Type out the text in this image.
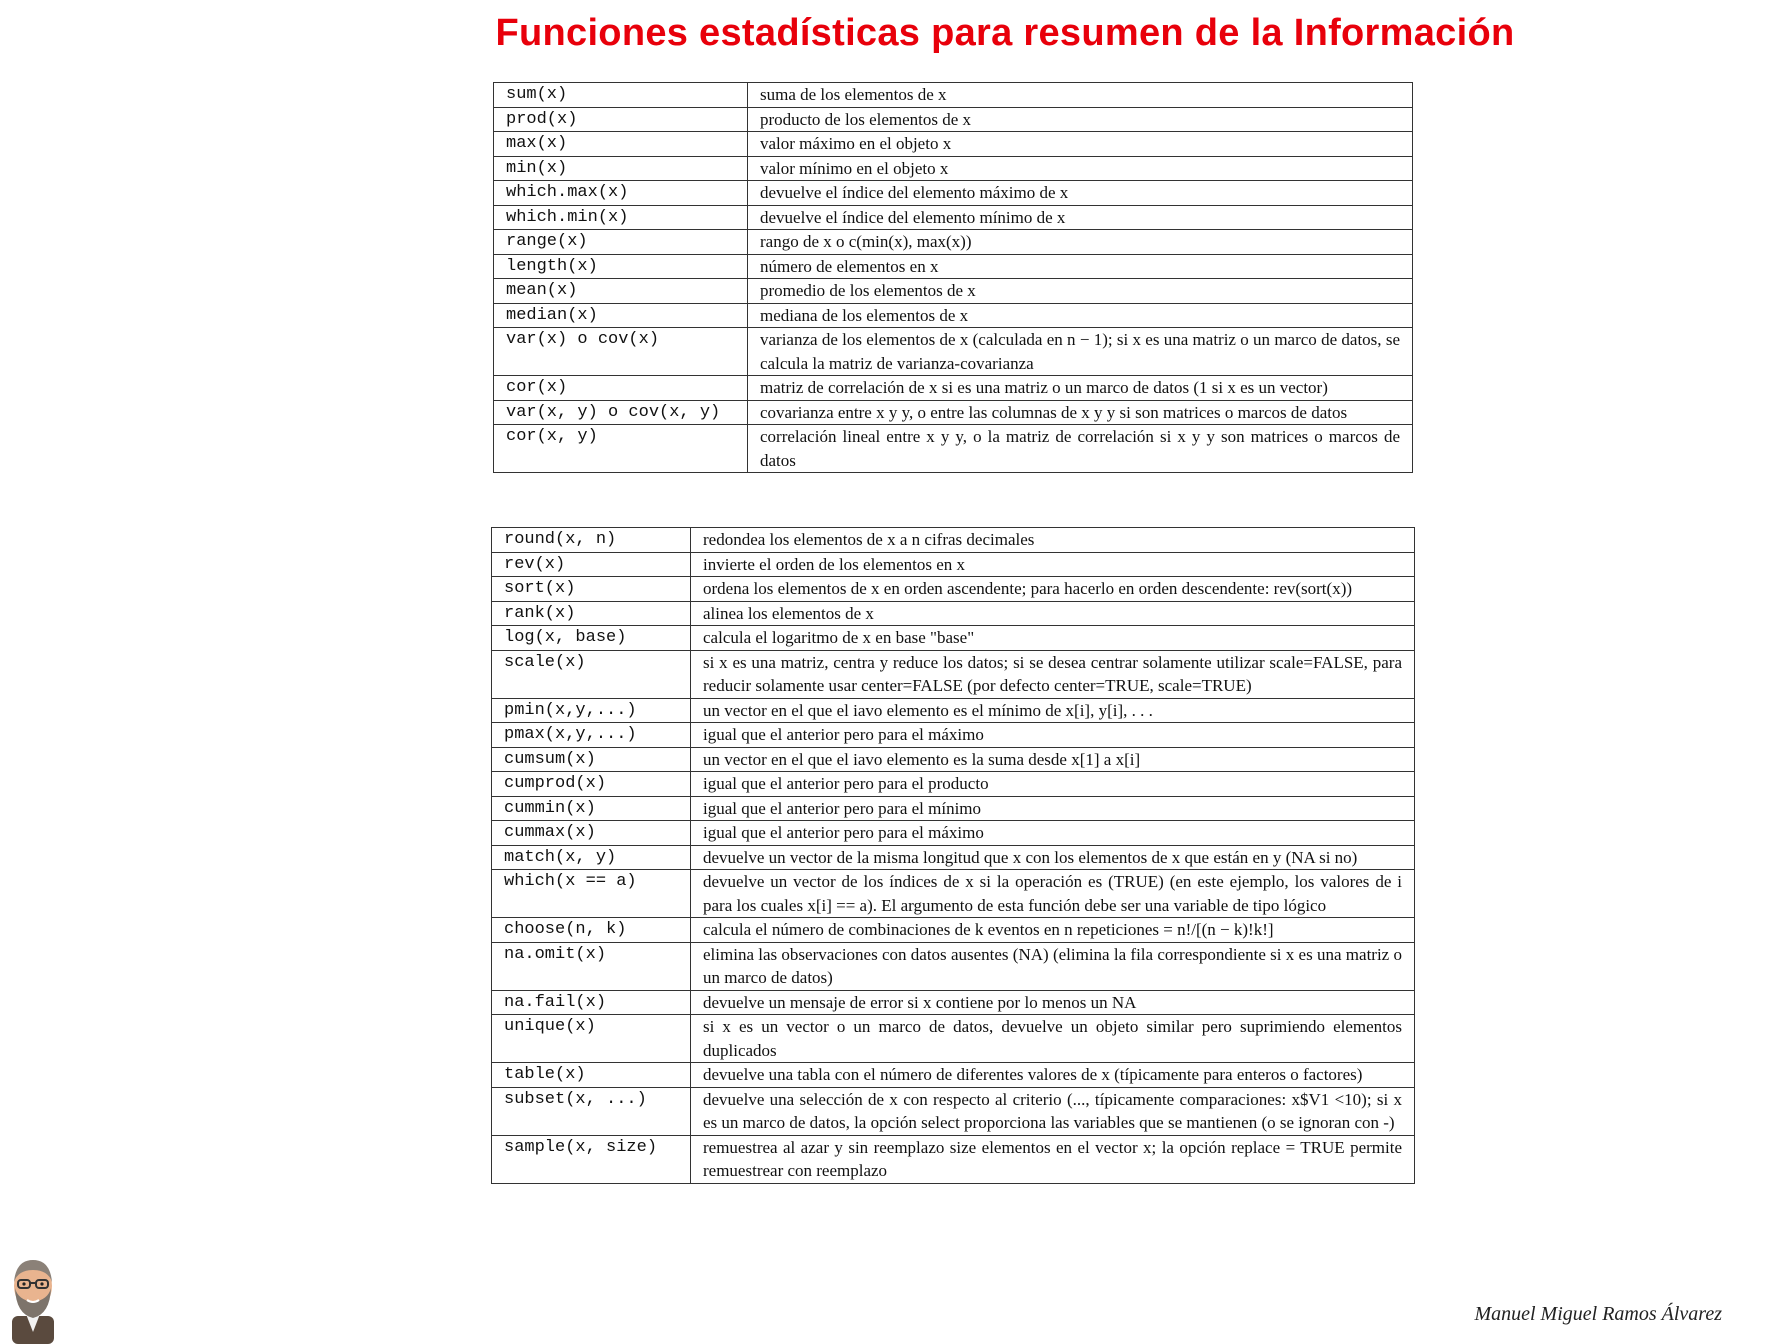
Funciones estadísticas para resumen de la Información
sum(x)	suma de los elementos de x
prod(x)	producto de los elementos de x
max(x)	valor máximo en el objeto x
min(x)	valor mínimo en el objeto x
which.max(x)	devuelve el índice del elemento máximo de x
which.min(x)	devuelve el índice del elemento mínimo de x
range(x)	rango de x o c(min(x), max(x))
length(x)	número de elementos en x
mean(x)	promedio de los elementos de x
median(x)	mediana de los elementos de x
var(x) o cov(x)	varianza de los elementos de x (calculada en n − 1); si x es una matriz o un marco de datos, se calcula la matriz de varianza-covarianza
cor(x)	matriz de correlación de x si es una matriz o un marco de datos (1 si x es un vector)
var(x, y) o cov(x, y)	covarianza entre x y y, o entre las columnas de x y y si son matrices o marcos de datos
cor(x, y)	correlación lineal entre x y y, o la matriz de correlación si x y y son matrices o marcos de datos
round(x, n)	redondea los elementos de x a n cifras decimales
rev(x)	invierte el orden de los elementos en x
sort(x)	ordena los elementos de x en orden ascendente; para hacerlo en orden descendente: rev(sort(x))
rank(x)	alinea los elementos de x
log(x, base)	calcula el logaritmo de x en base "base"
scale(x)	si x es una matriz, centra y reduce los datos; si se desea centrar solamente utilizar scale=FALSE, para reducir solamente usar center=FALSE (por defecto center=TRUE, scale=TRUE)
pmin(x,y,...)	un vector en el que el iavo elemento es el mínimo de x[i], y[i], . . .
pmax(x,y,...)	igual que el anterior pero para el máximo
cumsum(x)	un vector en el que el iavo elemento es la suma desde x[1] a x[i]
cumprod(x)	igual que el anterior pero para el producto
cummin(x)	igual que el anterior pero para el mínimo
cummax(x)	igual que el anterior pero para el máximo
match(x, y)	devuelve un vector de la misma longitud que x con los elementos de x que están en y (NA si no)
which(x == a)	devuelve un vector de los índices de x si la operación es (TRUE) (en este ejemplo, los valores de i para los cuales x[i] == a). El argumento de esta función debe ser una variable de tipo lógico
choose(n, k)	calcula el número de combinaciones de k eventos en n repeticiones = n!/[(n − k)!k!]
na.omit(x)	elimina las observaciones con datos ausentes (NA) (elimina la fila correspondiente si x es una matriz o un marco de datos)
na.fail(x)	devuelve un mensaje de error si x contiene por lo menos un NA
unique(x)	si x es un vector o un marco de datos, devuelve un objeto similar pero suprimiendo elementos duplicados
table(x)	devuelve una tabla con el número de diferentes valores de x (típicamente para enteros o factores)
subset(x, ...)	devuelve una selección de x con respecto al criterio (..., típicamente comparaciones: x$V1 <10); si x es un marco de datos, la opción select proporciona las variables que se mantienen (o se ignoran con -)
sample(x, size)	remuestrea al azar y sin reemplazo size elementos en el vector x; la opción replace = TRUE permite remuestrear con reemplazo
Manuel Miguel Ramos Álvarez
